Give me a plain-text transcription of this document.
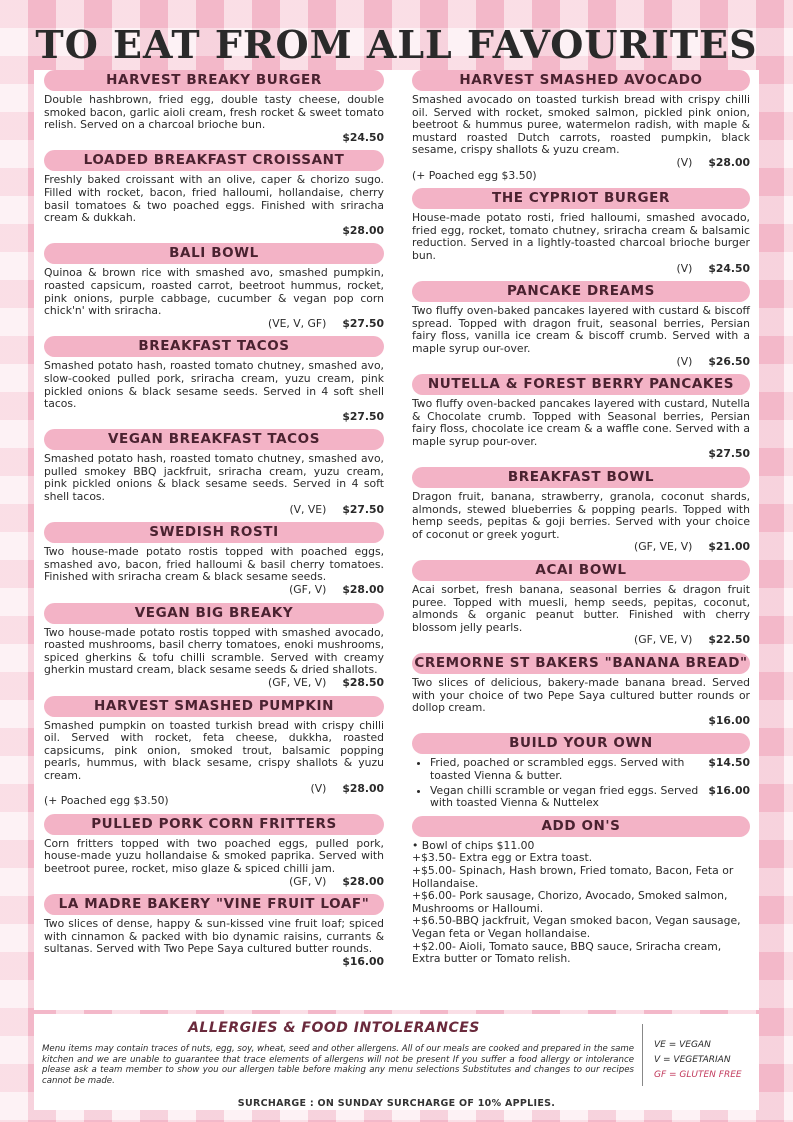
TO EAT FROM ALL FAVOURITES
HARVEST BREAKY BURGER

Double hashbrown, fried egg, double tasty cheese, double smoked bacon, garlic aioli cream, fresh rocket & sweet tomato relish. Served on a charcoal brioche bun.

$24.50
LOADED BREAKFAST CROISSANT

Freshly baked croissant with an olive, caper & chorizo sugo. Filled with rocket, bacon, fried halloumi, hollandaise, cherry basil tomatoes & two poached eggs. Finished with sriracha cream & dukkah.

$28.00
BALI BOWL

Quinoa & brown rice with smashed avo, smashed pumpkin, roasted capsicum, roasted carrot, beetroot hummus, rocket, pink onions, purple cabbage, cucumber & vegan pop corn chick'n' with sriracha.

(VE, V, GF)	$27.50
BREAKFAST TACOS

Smashed potato hash, roasted tomato chutney, smashed avo, slow-cooked pulled pork, sriracha cream, yuzu cream, pink pickled onions & black sesame seeds. Served in 4 soft shell tacos.

$27.50
VEGAN BREAKFAST TACOS

Smashed potato hash, roasted tomato chutney, smashed avo, pulled smokey BBQ jackfruit, sriracha cream, yuzu cream, pink pickled onions & black sesame seeds. Served in 4 soft shell tacos.

(V, VE)	$27.50
SWEDISH ROSTI

Two house-made potato rostis topped with poached eggs, smashed avo, bacon, fried halloumi & basil cherry tomatoes. Finished with sriracha cream & black sesame seeds.

(GF, V)	$28.00
VEGAN BIG BREAKY

Two house-made potato rostis topped with smashed avocado, roasted mushrooms, basil cherry tomatoes, enoki mushrooms, spiced gherkins & tofu chilli scramble. Served with creamy gherkin mustard cream, black sesame seeds & dried shallots.

(GF, VE, V)	$28.50
HARVEST SMASHED PUMPKIN

Smashed pumpkin on toasted turkish bread with crispy chilli oil. Served with rocket, feta cheese, dukkha, roasted capsicums, pink onion, smoked trout, balsamic popping pearls, hummus, with black sesame, crispy shallots & yuzu cream.

(V)	$28.00
(+ Poached egg $3.50)
PULLED PORK CORN FRITTERS

Corn fritters topped with two poached eggs, pulled pork, house-made yuzu hollandaise & smoked paprika. Served with beetroot puree, rocket, miso glaze & spiced chilli jam.

(GF, V)	$28.00
LA MADRE BAKERY "VINE FRUIT LOAF"

Two slices of dense, happy & sun-kissed vine fruit loaf; spiced with cinnamon & packed with bio dynamic raisins, currants & sultanas. Served with Two Pepe Saya cultured butter rounds.

$16.00
HARVEST SMASHED AVOCADO

Smashed avocado on toasted turkish bread with crispy chilli oil. Served with rocket, smoked salmon, pickled pink onion, beetroot & hummus puree, watermelon radish, with maple & mustard roasted Dutch carrots, roasted pumpkin, black sesame, crispy shallots & yuzu cream.

(V)	$28.00
(+ Poached egg $3.50)
THE CYPRIOT BURGER

House-made potato rosti, fried halloumi, smashed avocado, fried egg, rocket, tomato chutney, sriracha cream & balsamic reduction. Served in a lightly-toasted charcoal brioche burger bun.

(V)	$24.50
PANCAKE DREAMS

Two fluffy oven-baked pancakes layered with custard & biscoff spread. Topped with dragon fruit, seasonal berries, Persian fairy floss, vanilla ice cream & biscoff crumb. Served with a maple syrup our-over.

(V)	$26.50
NUTELLA & FOREST BERRY PANCAKES

Two fluffy oven-backed pancakes layered with custard, Nutella & Chocolate crumb. Topped with Seasonal berries, Persian fairy floss, chocolate ice cream & a waffle cone. Served with a maple syrup pour-over.

$27.50
BREAKFAST BOWL

Dragon fruit, banana, strawberry, granola, coconut shards, almonds, stewed blueberries & popping pearls. Topped with hemp seeds, pepitas & goji berries. Served with your choice of coconut or greek yogurt.

(GF, VE, V)	$21.00
ACAI BOWL

Acai sorbet, fresh banana, seasonal berries & dragon fruit puree. Topped with muesli, hemp seeds, pepitas, coconut, almonds & organic peanut butter. Finished with cherry blossom jelly pearls.

(GF, VE, V)	$22.50
CREMORNE ST BAKERS "BANANA BREAD"

Two slices of delicious, bakery-made banana bread. Served with your choice of two Pepe Saya cultured butter rounds or dollop cream.

$16.00
BUILD YOUR OWN
• Fried, poached or scrambled eggs. Served with toasted Vienna & butter.
$14.50
• Vegan chilli scramble or vegan fried eggs. Served with toasted Vienna & Nuttelex
$16.00
ADD ON'S
• Bowl of chips $11.00
+$3.50- Extra egg or Extra toast.
+$5.00- Spinach, Hash brown, Fried tomato, Bacon, Feta or Hollandaise.
+$6.00- Pork sausage, Chorizo, Avocado, Smoked salmon, Mushrooms or Halloumi.
+$6.50-BBQ jackfruit, Vegan smoked bacon, Vegan sausage, Vegan feta or Vegan hollandaise.
+$2.00- Aioli, Tomato sauce, BBQ sauce, Sriracha cream, Extra butter or Tomato relish.
ALLERGIES & FOOD INTOLERANCES

Menu items may contain traces of nuts, egg, soy, wheat, seed and other allergens. All of our meals are cooked and prepared in the same kitchen and we are unable to guarantee that trace elements of allergens will not be present If you suffer a food allergy or intolerance please ask a team member to show you our allergen table before making any menu selections Substitutes and changes to our recipes cannot be made.

VE = VEGAN
V = VEGETARIAN
GF = GLUTEN FREE
SURCHARGE : ON SUNDAY SURCHARGE OF 10% APPLIES.
